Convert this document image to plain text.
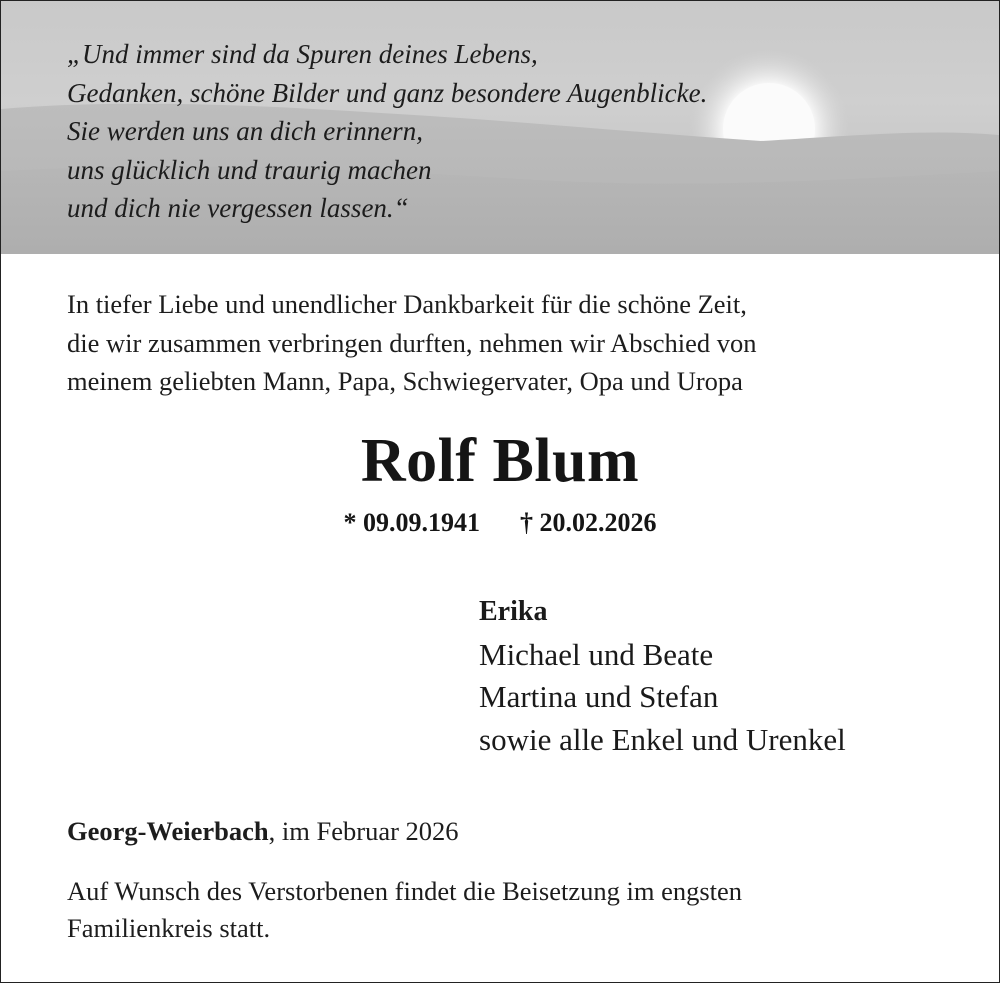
„Und immer sind da Spuren deines Lebens,
Gedanken, schöne Bilder und ganz besondere Augenblicke.
Sie werden uns an dich erinnern,
uns glücklich und traurig machen
und dich nie vergessen lassen.“
In tiefer Liebe und unendlicher Dankbarkeit für die schöne Zeit,
die wir zusammen verbringen durften, nehmen wir Abschied von
meinem geliebten Mann, Papa, Schwiegervater, Opa und Uropa
Rolf Blum
* 09.09.1941 † 20.02.2026
Erika
Michael und Beate
Martina und Stefan
sowie alle Enkel und Urenkel
Georg-Weierbach, im Februar 2026
Auf Wunsch des Verstorbenen findet die Beisetzung im engsten
Familienkreis statt.
